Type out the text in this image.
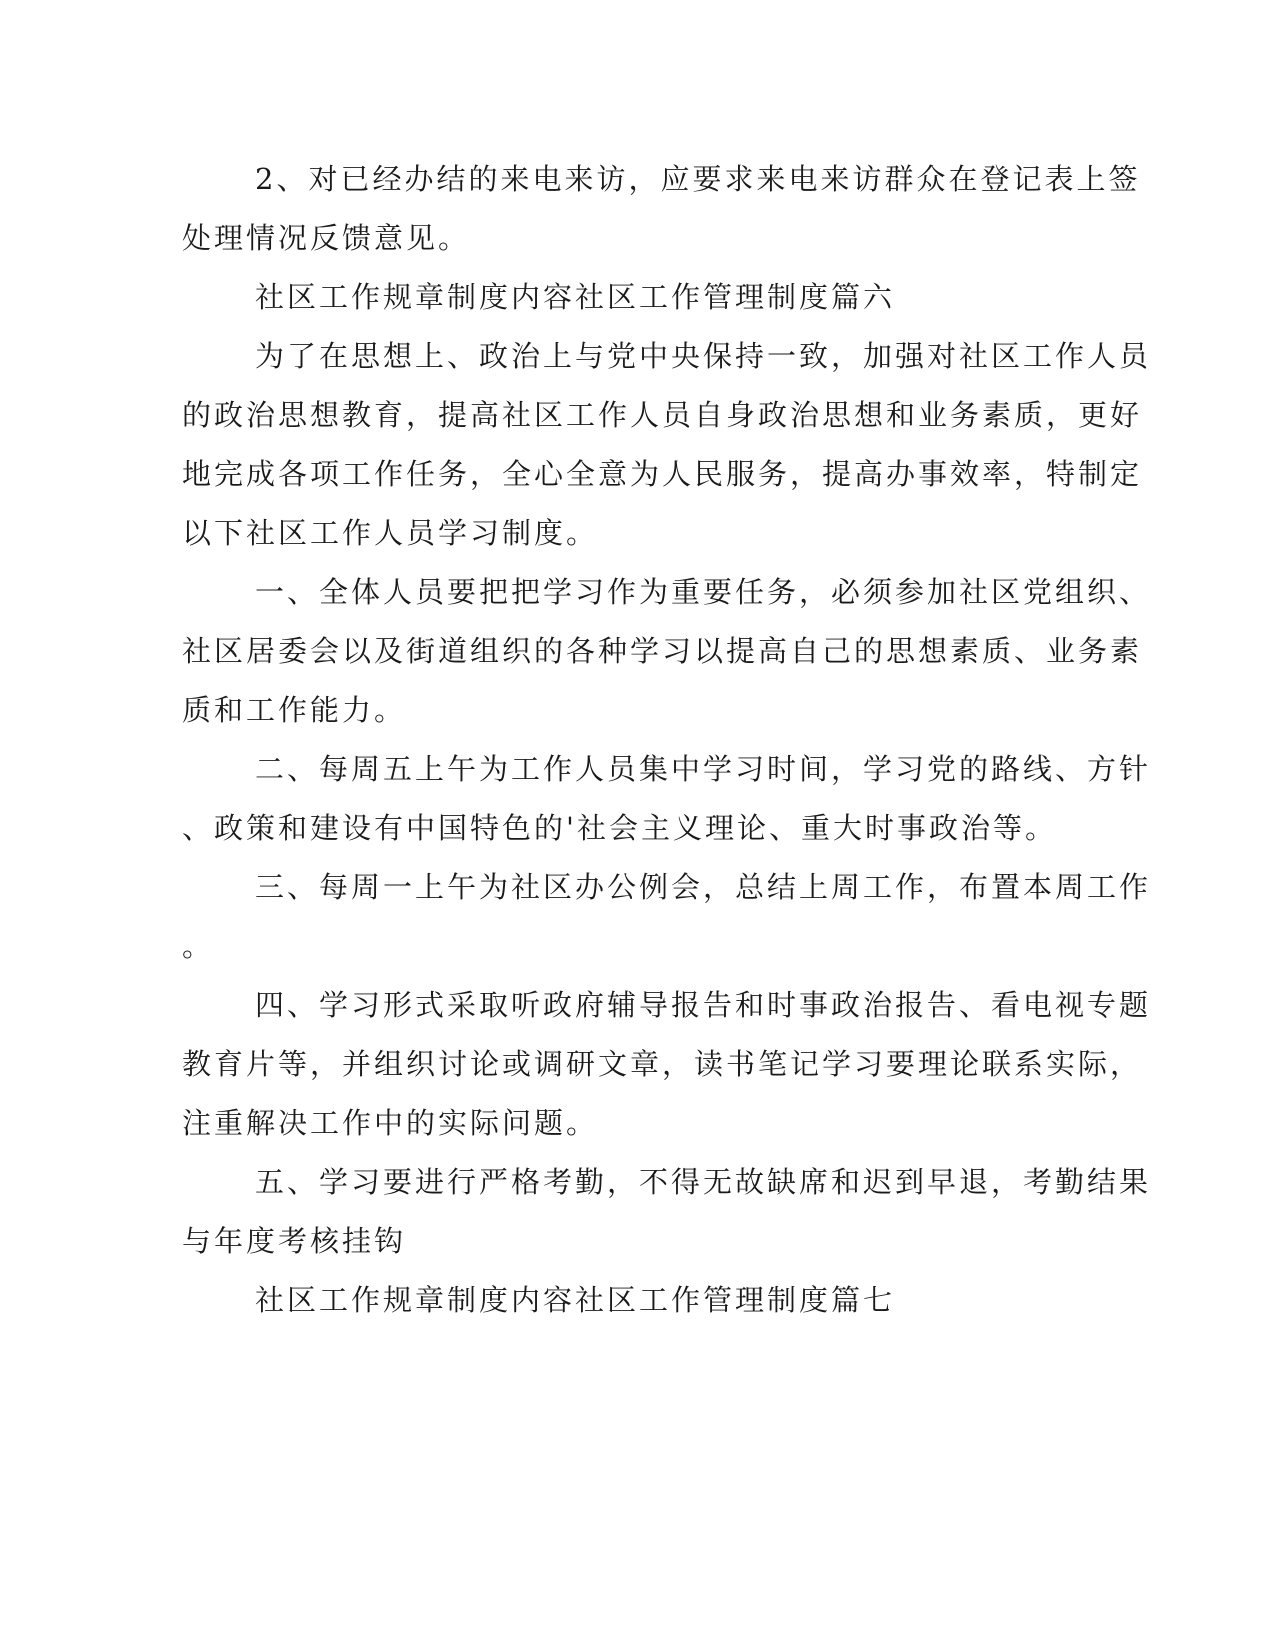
2、对已经办结的来电来访，应要求来电来访群众在登记表上签
处理情况反馈意见。
社区工作规章制度内容社区工作管理制度篇六
为了在思想上、政治上与党中央保持一致，加强对社区工作人员
的政治思想教育，提高社区工作人员自身政治思想和业务素质，更好
地完成各项工作任务，全心全意为人民服务，提高办事效率，特制定
以下社区工作人员学习制度。
一、全体人员要把把学习作为重要任务，必须参加社区党组织、
社区居委会以及街道组织的各种学习以提高自己的思想素质、业务素
质和工作能力。
二、每周五上午为工作人员集中学习时间，学习党的路线、方针
、政策和建设有中国特色的'社会主义理论、重大时事政治等。
三、每周一上午为社区办公例会，总结上周工作，布置本周工作
。
四、学习形式采取听政府辅导报告和时事政治报告、看电视专题
教育片等，并组织讨论或调研文章，读书笔记学习要理论联系实际，
注重解决工作中的实际问题。
五、学习要进行严格考勤，不得无故缺席和迟到早退，考勤结果
与年度考核挂钩
社区工作规章制度内容社区工作管理制度篇七
